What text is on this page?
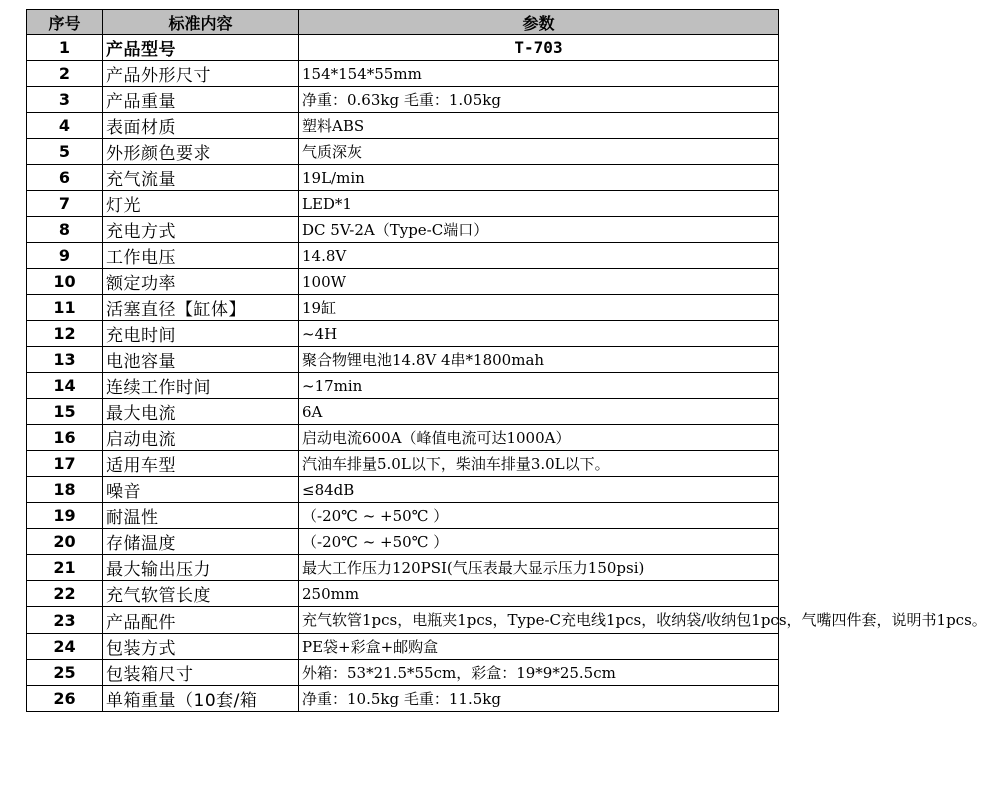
序号	标准内容	参数
1	产品型号	T-703
2	产品外形尺寸	154*154*55mm
3	产品重量	净重：0.63kg 毛重：1.05kg
4	表面材质	塑料ABS
5	外形颜色要求	气质深灰
6	充气流量	19L/min
7	灯光	LED*1
8	充电方式	DC 5V-2A（Type-C端口）
9	工作电压	14.8V
10	额定功率	100W
11	活塞直径【缸体】	19缸
12	充电时间	~4H
13	电池容量	聚合物锂电池14.8V 4串*1800mah
14	连续工作时间	~17min
15	最大电流	6A
16	启动电流	启动电流600A（峰值电流可达1000A）
17	适用车型	汽油车排量5.0L以下，柴油车排量3.0L以下。
18	噪音	≤84dB
19	耐温性	（-20℃ ~ +50℃ ）
20	存储温度	（-20℃ ~ +50℃ ）
21	最大输出压力	最大工作压力120PSI(气压表最大显示压力150psi)
22	充气软管长度	250mm
23	产品配件	充气软管1pcs，电瓶夹1pcs，Type-C充电线1pcs，收纳袋/收纳包1pcs，气嘴四件套，说明书1pcs。

24	包装方式	PE袋+彩盒+邮购盒
25	包装箱尺寸	外箱：53*21.5*55cm，彩盒：19*9*25.5cm
26	单箱重量（10套/箱	净重：10.5kg 毛重：11.5kg
